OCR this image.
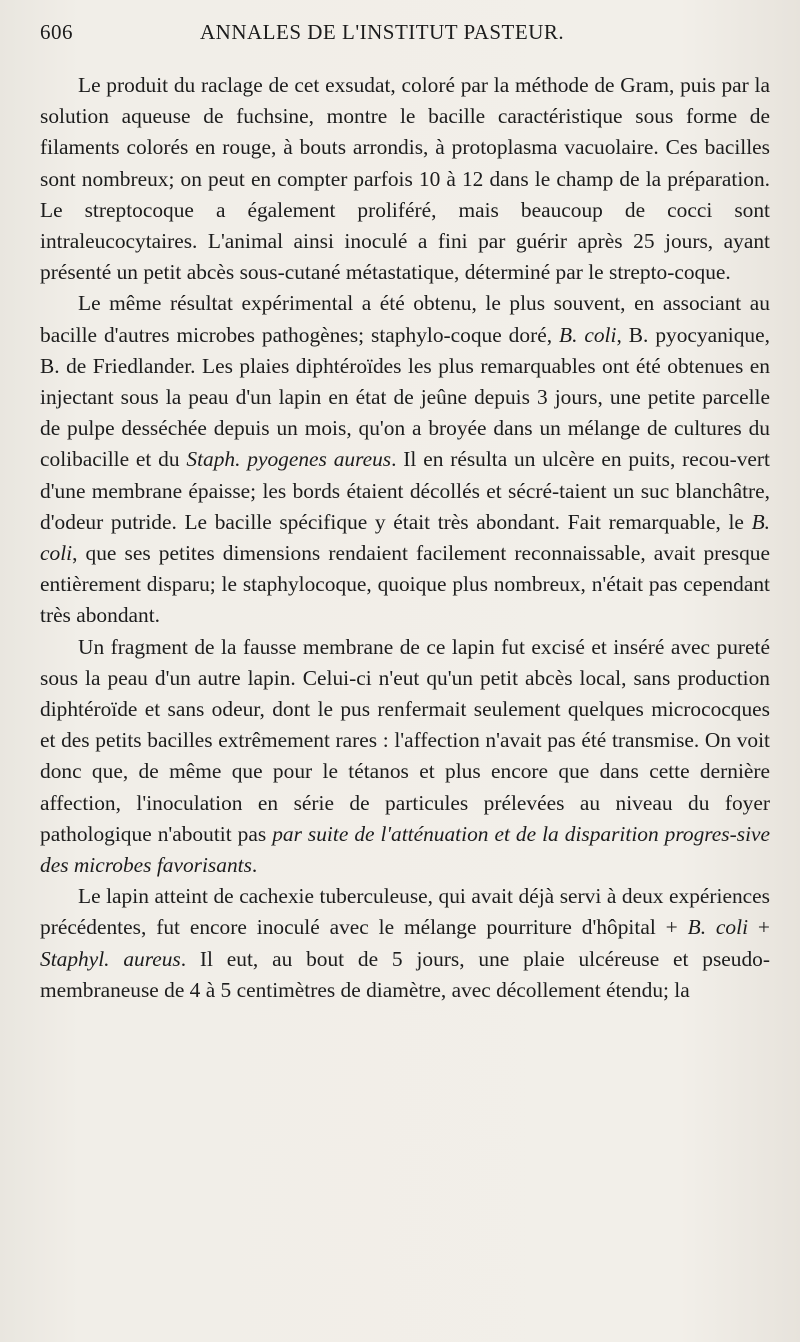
606	ANNALES DE L'INSTITUT PASTEUR.

Le produit du raclage de cet exsudat, coloré par la méthode de Gram, puis par la solution aqueuse de fuchsine, montre le bacille caractéristique sous forme de filaments colorés en rouge, à bouts arrondis, à protoplasma vacuolaire. Ces bacilles sont nombreux; on peut en compter parfois 10 à 12 dans le champ de la préparation. Le streptocoque a également proliféré, mais beaucoup de cocci sont intraleucocytaires. L'animal ainsi inoculé a fini par guérir après 25 jours, ayant présenté un petit abcès sous-cutané métastatique, déterminé par le strepto-coque.

Le même résultat expérimental a été obtenu, le plus souvent, en associant au bacille d'autres microbes pathogènes; staphylo-coque doré, B. coli, B. pyocyanique, B. de Friedlander. Les plaies diphtéroïdes les plus remarquables ont été obtenues en injectant sous la peau d'un lapin en état de jeûne depuis 3 jours, une petite parcelle de pulpe desséchée depuis un mois, qu'on a broyée dans un mélange de cultures du colibacille et du Staph. pyogenes aureus. Il en résulta un ulcère en puits, recou-vert d'une membrane épaisse; les bords étaient décollés et sécré-taient un suc blanchâtre, d'odeur putride. Le bacille spécifique y était très abondant. Fait remarquable, le B. coli, que ses petites dimensions rendaient facilement reconnaissable, avait presque entièrement disparu; le staphylocoque, quoique plus nombreux, n'était pas cependant très abondant.

Un fragment de la fausse membrane de ce lapin fut excisé et inséré avec pureté sous la peau d'un autre lapin. Celui-ci n'eut qu'un petit abcès local, sans production diphtéroïde et sans odeur, dont le pus renfermait seulement quelques micrococques et des petits bacilles extrêmement rares : l'affection n'avait pas été transmise. On voit donc que, de même que pour le tétanos et plus encore que dans cette dernière affection, l'inoculation en série de particules prélevées au niveau du foyer pathologique n'aboutit pas par suite de l'atténuation et de la disparition progres-sive des microbes favorisants.

Le lapin atteint de cachexie tuberculeuse, qui avait déjà servi à deux expériences précédentes, fut encore inoculé avec le mélange pourriture d'hôpital + B. coli + Staphyl. aureus. Il eut, au bout de 5 jours, une plaie ulcéreuse et pseudo-membraneuse de 4 à 5 centimètres de diamètre, avec décollement étendu; la
